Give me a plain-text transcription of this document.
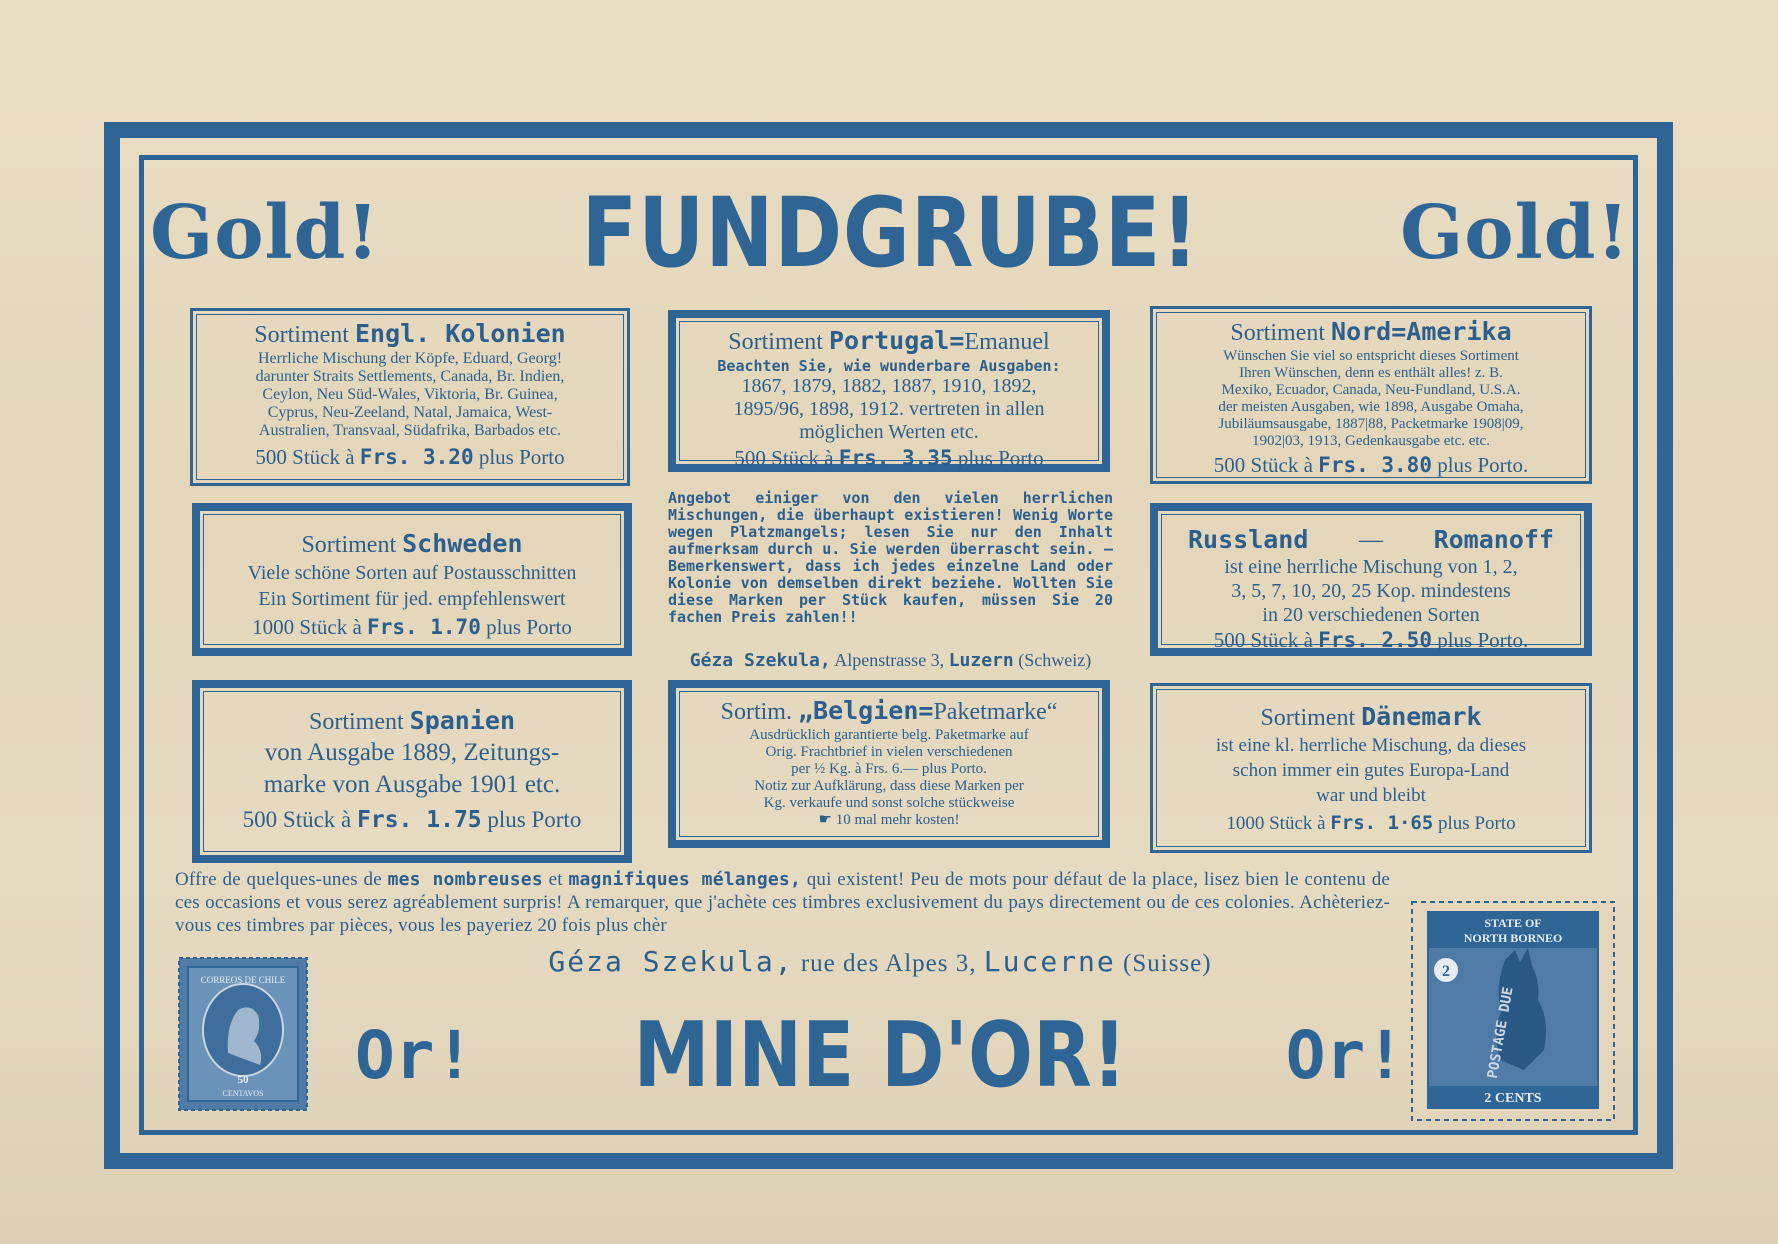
Gold! FUNDGRUBE!	Gold!
Sortiment Engl. Kolonien
Herrliche Mischung der Köpfe, Eduard, Georg!
darunter Straits Settlements, Canada, Br. Indien,
Ceylon, Neu Süd-Wales, Viktoria, Br. Guinea,
Cyprus, Neu-Zeeland, Natal, Jamaica, West-
Australien, Transvaal, Südafrika, Barbados etc.
500 Stück à Frs. 3.20 plus Porto
Sortiment Portugal=Emanuel
Beachten Sie, wie wunderbare Ausgaben:
1867, 1879, 1882, 1887, 1910, 1892,
1895/96, 1898, 1912. vertreten in allen
möglichen Werten etc.
500 Stück à Frs. 3.35 plus Porto
Sortiment Nord=Amerika
Wünschen Sie viel so entspricht dieses Sortiment
Ihren Wünschen, denn es enthält alles! z. B.
Mexiko, Ecuador, Canada, Neu-Fundland, U.S.A.
der meisten Ausgaben, wie 1898, Ausgabe Omaha,
Jubiläumsausgabe, 1887|88, Packetmarke 1908|09,
1902|03, 1913, Gedenkausgabe etc. etc.
500 Stück à Frs. 3.80 plus Porto.
Sortiment Schweden
Viele schöne Sorten auf Postausschnitten
Ein Sortiment für jed. empfehlenswert
1000 Stück à Frs. 1.70 plus Porto
Russland — Romanoff
ist eine herrliche Mischung von 1, 2,
3, 5, 7, 10, 20, 25 Kop. mindestens
in 20 verschiedenen Sorten
500 Stück à Frs. 2.50 plus Porto.
Angebot einiger von den vielen herrlichen Mischungen, die überhaupt existieren! Wenig Worte wegen Platzmangels; lesen Sie nur den Inhalt aufmerksam durch u. Sie werden überrascht sein. — Bemerkenswert, dass ich jedes einzelne Land oder Kolonie von demselben direkt beziehe. Wollten Sie diese Marken per Stück kaufen, müssen Sie 20 fachen Preis zahlen!!
Géza Szekula, Alpenstrasse 3, Luzern (Schweiz)
Sortiment Spanien
von Ausgabe 1889, Zeitungs-
marke von Ausgabe 1901 etc.
500 Stück à Frs. 1.75 plus Porto
Sortim. „Belgien=Paketmarke“
Ausdrücklich garantierte belg. Paketmarke auf
Orig. Frachtbrief in vielen verschiedenen
per ½ Kg. à Frs. 6.— plus Porto.
Notiz zur Aufklärung, dass diese Marken per
Kg. verkaufe und sonst solche stückweise
☛ 10 mal mehr kosten!
Sortiment Dänemark
ist eine kl. herrliche Mischung, da dieses
schon immer ein gutes Europa-Land
war und bleibt
1000 Stück à Frs. 1·65 plus Porto
Offre de quelques-unes de mes nombreuses et magnifiques mélanges, qui existent! Peu de mots pour défaut de la place, lisez bien le contenu de ces occasions et vous serez agréablement surpris! A remarquer, que j'achète ces timbres exclusivement du pays directement ou de ces colonies. Achèteriez-vous ces timbres par pièces, vous les payeriez 20 fois plus chèr
Géza Szekula, rue des Alpes 3, Lucerne (Suisse)
Or! MINE D'OR! Or!
CORREOS DE CHILE
50
CENTAVOS
STATE OF
NORTH BORNEO
2
POSTAGE DUE
2 CENTS
